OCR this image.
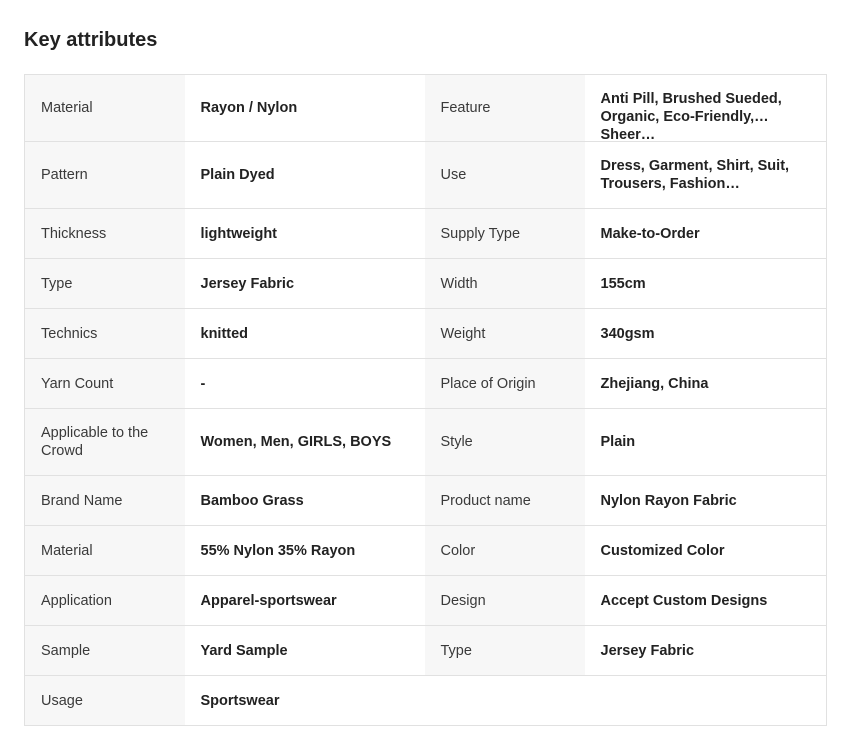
Key attributes
Material	Rayon / Nylon	Feature	Anti Pill, Brushed Sueded, Organic, Eco-Friendly, Sheer…

Pattern	Plain Dyed	Use	Dress, Garment, Shirt, Suit, Trousers, Fashion…

Thickness	lightweight	Supply Type	Make-to-Order
Type	Jersey Fabric	Width	155cm
Technics	knitted	Weight	340gsm
Yarn Count	-	Place of Origin	Zhejiang, China
Applicable to the Crowd	Women, Men, GIRLS, BOYS	Style	Plain
Brand Name	Bamboo Grass	Product name	Nylon Rayon Fabric
Material	55% Nylon 35% Rayon	Color	Customized Color
Application	Apparel-sportswear	Design	Accept Custom Designs
Sample	Yard Sample	Type	Jersey Fabric
Usage	Sportswear		
